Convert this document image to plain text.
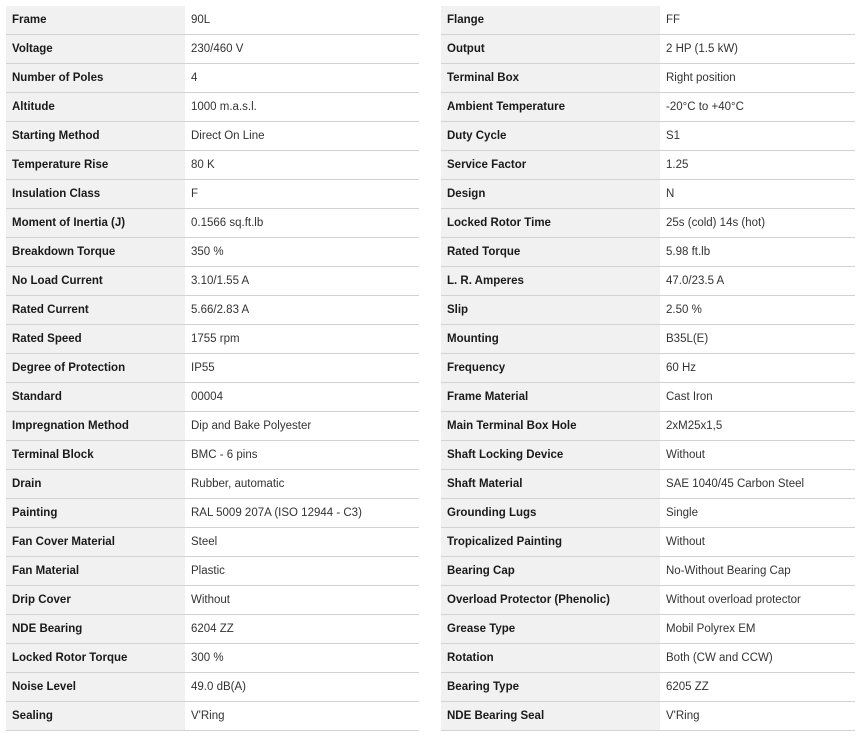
Frame	90L
Voltage	230/460 V
Number of Poles	4
Altitude	1000 m.a.s.l.
Starting Method	Direct On Line
Temperature Rise	80 K
Insulation Class	F
Moment of Inertia (J)	0.1566 sq.ft.lb
Breakdown Torque	350 %
No Load Current	3.10/1.55 A
Rated Current	5.66/2.83 A
Rated Speed	1755 rpm
Degree of Protection	IP55
Standard	00004
Impregnation Method	Dip and Bake Polyester
Terminal Block	BMC - 6 pins
Drain	Rubber, automatic
Painting	RAL 5009 207A (ISO 12944 - C3)
Fan Cover Material	Steel
Fan Material	Plastic
Drip Cover	Without
NDE Bearing	6204 ZZ
Locked Rotor Torque	300 %
Noise Level	49.0 dB(A)
Sealing	V'Ring
Flange	FF
Output	2 HP (1.5 kW)
Terminal Box	Right position
Ambient Temperature	-20°C to +40°C
Duty Cycle	S1
Service Factor	1.25
Design	N
Locked Rotor Time	25s (cold) 14s (hot)
Rated Torque	5.98 ft.lb
L. R. Amperes	47.0/23.5 A
Slip	2.50 %
Mounting	B35L(E)
Frequency	60 Hz
Frame Material	Cast Iron
Main Terminal Box Hole	2xM25x1,5
Shaft Locking Device	Without
Shaft Material	SAE 1040/45 Carbon Steel
Grounding Lugs	Single
Tropicalized Painting	Without
Bearing Cap	No-Without Bearing Cap
Overload Protector (Phenolic)	Without overload protector
Grease Type	Mobil Polyrex EM
Rotation	Both (CW and CCW)
Bearing Type	6205 ZZ
NDE Bearing Seal	V'Ring
